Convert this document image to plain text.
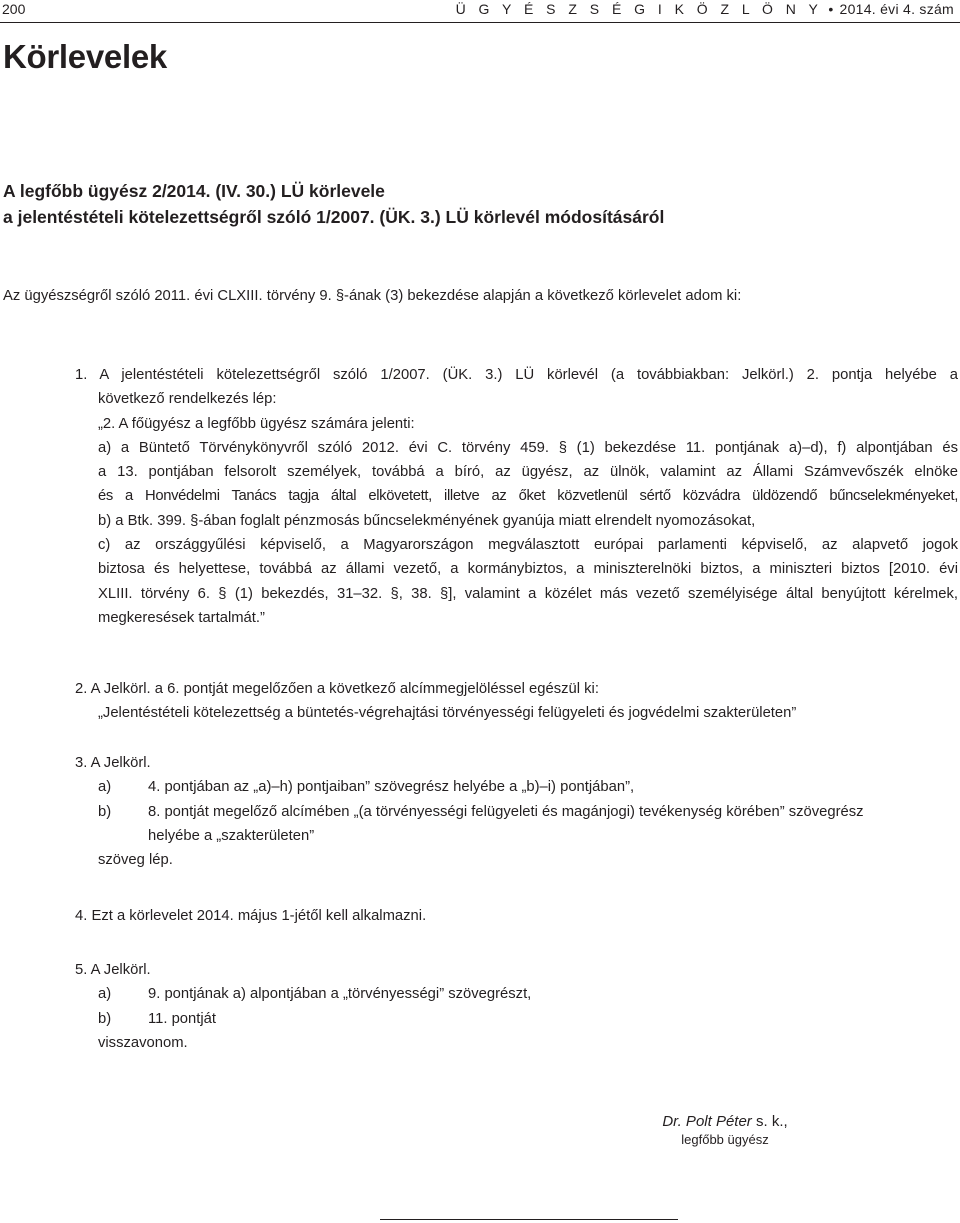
200	Ü G Y É S Z S É G I K Ö Z L Ö N Y • 2014. évi 4. szám
Körlevelek
A legfőbb ügyész 2/2014. (IV. 30.) LÜ körlevele
a jelentéstételi kötelezettségről szóló 1/2007. (ÜK. 3.) LÜ körlevél módosításáról

Az ügyészségről szóló 2011. évi CLXIII. törvény 9. §-ának (3) bekezdése alapján a következő körlevelet adom ki:

1. A jelentéstételi kötelezettségről szóló 1/2007. (ÜK. 3.) LÜ körlevél (a továbbiakban: Jelkörl.) 2. pontja helyébe a

következő rendelkezés lép:

„2. A főügyész a legfőbb ügyész számára jelenti:

a) a Büntető Törvénykönyvről szóló 2012. évi C. törvény 459. § (1) bekezdése 11. pontjának a)–d), f) alpontjában és

a 13. pontjában felsorolt személyek, továbbá a bíró, az ügyész, az ülnök, valamint az Állami Számvevőszék elnöke

és a Honvédelmi Tanács tagja által elkövetett, illetve az őket közvetlenül sértő közvádra üldözendő bűncselekményeket,

b) a Btk. 399. §-ában foglalt pénzmosás bűncselekményének gyanúja miatt elrendelt nyomozásokat,

c) az országgyűlési képviselő, a Magyarországon megválasztott európai parlamenti képviselő, az alapvető jogok

biztosa és helyettese, továbbá az állami vezető, a kormánybiztos, a miniszterelnöki biztos, a miniszteri biztos [2010. évi

XLIII. törvény 6. § (1) bekezdés, 31–32. §, 38. §], valamint a közélet más vezető személyisége által benyújtott kérelmek,

megkeresések tartalmát.”

2. A Jelkörl. a 6. pontját megelőzően a következő alcímmegjelöléssel egészül ki:

„Jelentéstételi kötelezettség a büntetés-végrehajtási törvényességi felügyeleti és jogvédelmi szakterületen”

3. A Jelkörl.

a)	4. pontjában az „a)–h) pontjaiban” szövegrész helyébe a „b)–i) pontjában”,
b)	8. pontját megelőző alcímében „(a törvényességi felügyeleti és magánjogi) tevékenység körében” szövegrész

helyébe a „szakterületen”

szöveg lép.

4. Ezt a körlevelet 2014. május 1-jétől kell alkalmazni.

5. A Jelkörl.

a)	9. pontjának a) alpontjában a „törvényességi” szövegrészt,
b)	11. pontját

visszavonom.

Dr. Polt Péter s. k.,
legfőbb ügyész
